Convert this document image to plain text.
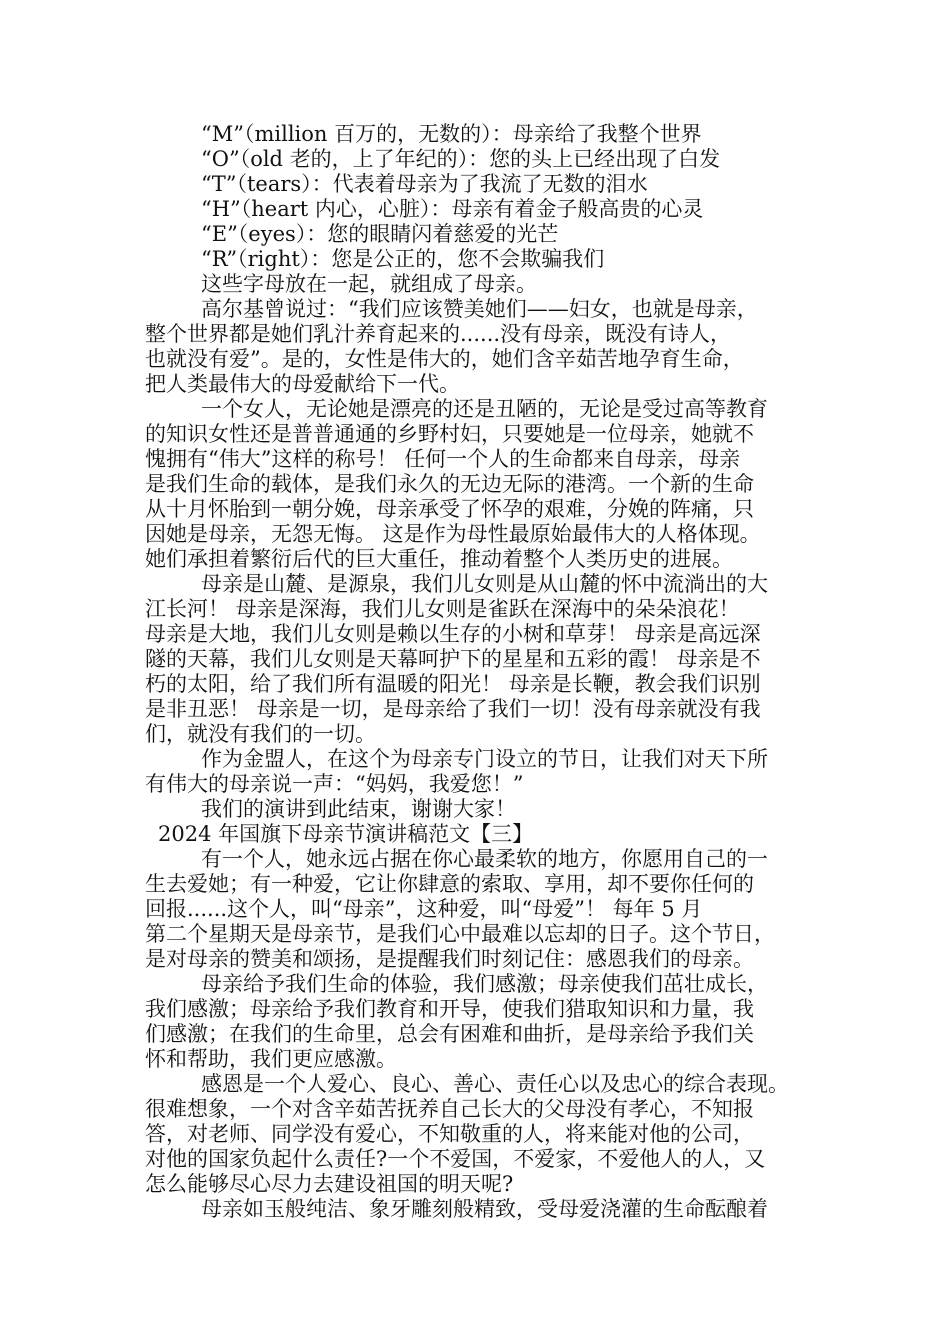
“M”（million 百万的，无数的）：母亲给了我整个世界
“O”（old 老的，上了年纪的）：您的头上已经出现了白发
“T”（tears）：代表着母亲为了我流了无数的泪水
“H”（heart 内心，心脏）：母亲有着金子般高贵的心灵
“E”（eyes）：您的眼睛闪着慈爱的光芒
“R”（right）：您是公正的，您不会欺骗我们
这些字母放在一起，就组成了母亲。
高尔基曾说过：“我们应该赞美她们——妇女，也就是母亲，
整个世界都是她们乳汁养育起来的......没有母亲，既没有诗人，
也就没有爱”。是的，女性是伟大的，她们含辛茹苦地孕育生命，
把人类最伟大的母爱献给下一代。
一个女人，无论她是漂亮的还是丑陋的，无论是受过高等教育
的知识女性还是普普通通的乡野村妇，只要她是一位母亲，她就不
愧拥有“伟大”这样的称号！ 任何一个人的生命都来自母亲，母亲
是我们生命的载体，是我们永久的无边无际的港湾。一个新的生命
从十月怀胎到一朝分娩，母亲承受了怀孕的艰难，分娩的阵痛，只
因她是母亲，无怨无悔。 这是作为母性最原始最伟大的人格体现。
她们承担着繁衍后代的巨大重任，推动着整个人类历史的进展。
母亲是山麓、是源泉，我们儿女则是从山麓的怀中流淌出的大
江长河！ 母亲是深海，我们儿女则是雀跃在深海中的朵朵浪花！
母亲是大地，我们儿女则是赖以生存的小树和草芽！ 母亲是高远深
隧的天幕，我们儿女则是天幕呵护下的星星和五彩的霞！ 母亲是不
朽的太阳，给了我们所有温暖的阳光！ 母亲是长鞭，教会我们识别
是非丑恶！ 母亲是一切，是母亲给了我们一切！没有母亲就没有我
们，就没有我们的一切。
作为金盟人，在这个为母亲专门设立的节日，让我们对天下所
有伟大的母亲说一声：“妈妈，我爱您！”
我们的演讲到此结束，谢谢大家！
2024 年国旗下母亲节演讲稿范文【三】
有一个人，她永远占据在你心最柔软的地方，你愿用自己的一
生去爱她；有一种爱，它让你肆意的索取、享用，却不要你任何的
回报......这个人，叫“母亲”，这种爱，叫“母爱”！ 每年 5 月
第二个星期天是母亲节，是我们心中最难以忘却的日子。这个节日，
是对母亲的赞美和颂扬，是提醒我们时刻记住：感恩我们的母亲。
母亲给予我们生命的体验，我们感激；母亲使我们茁壮成长，
我们感激；母亲给予我们教育和开导，使我们猎取知识和力量，我
们感激；在我们的生命里，总会有困难和曲折，是母亲给予我们关
怀和帮助，我们更应感激。
感恩是一个人爱心、良心、善心、责任心以及忠心的综合表现。
很难想象，一个对含辛茹苦抚养自己长大的父母没有孝心，不知报
答，对老师、同学没有爱心，不知敬重的人，将来能对他的公司，
对他的国家负起什么责任?一个不爱国，不爱家，不爱他人的人，又
怎么能够尽心尽力去建设祖国的明天呢?
母亲如玉般纯洁、象牙雕刻般精致，受母爱浇灌的生命酝酿着
